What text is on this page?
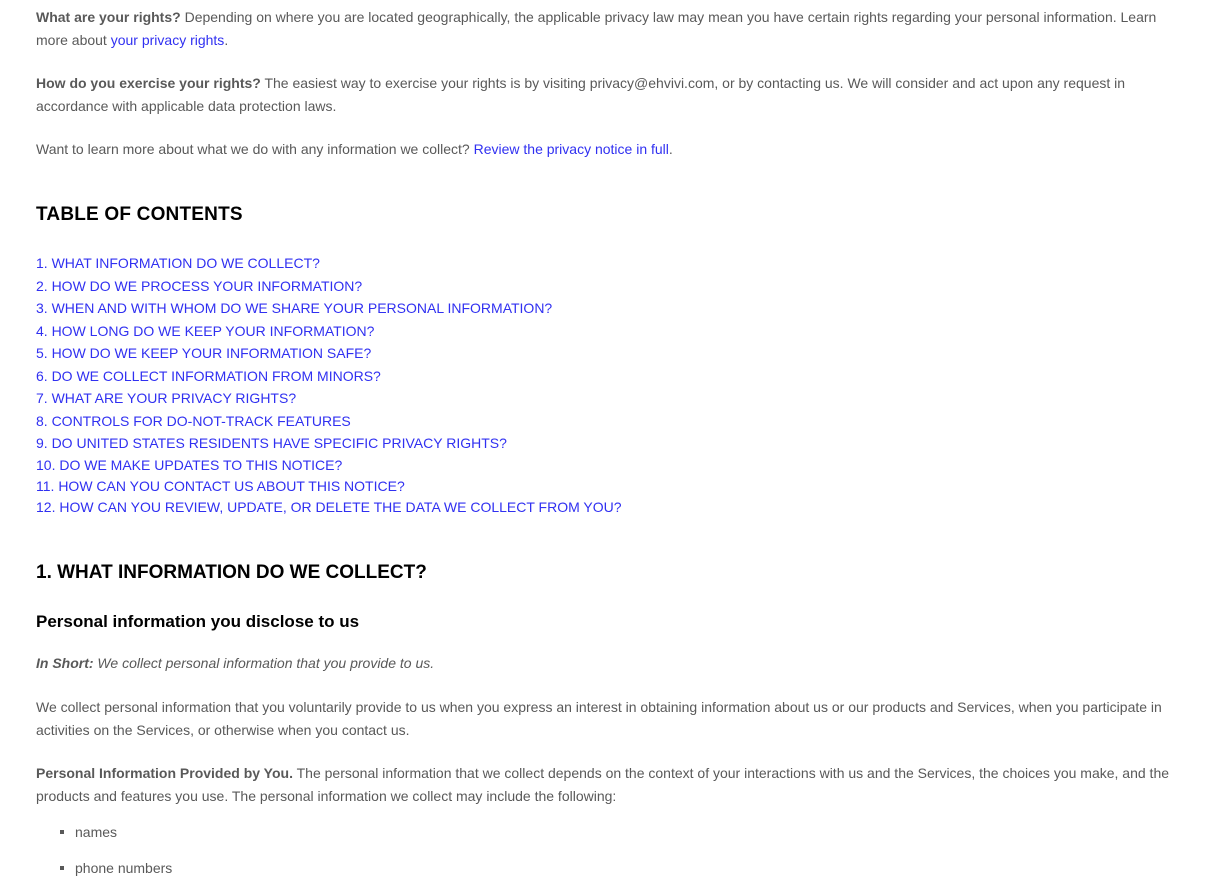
What are your rights? Depending on where you are located geographically, the applicable privacy law may mean you have certain rights regarding your personal information. Learn more about your privacy rights.

How do you exercise your rights? The easiest way to exercise your rights is by visiting privacy@ehvivi.com, or by contacting us. We will consider and act upon any request in accordance with applicable data protection laws.

Want to learn more about what we do with any information we collect? Review the privacy notice in full.

TABLE OF CONTENTS
1. WHAT INFORMATION DO WE COLLECT?
2. HOW DO WE PROCESS YOUR INFORMATION?
3. WHEN AND WITH WHOM DO WE SHARE YOUR PERSONAL INFORMATION?
4. HOW LONG DO WE KEEP YOUR INFORMATION?
5. HOW DO WE KEEP YOUR INFORMATION SAFE?
6. DO WE COLLECT INFORMATION FROM MINORS?
7. WHAT ARE YOUR PRIVACY RIGHTS?
8. CONTROLS FOR DO-NOT-TRACK FEATURES
9. DO UNITED STATES RESIDENTS HAVE SPECIFIC PRIVACY RIGHTS?
10. DO WE MAKE UPDATES TO THIS NOTICE?
11. HOW CAN YOU CONTACT US ABOUT THIS NOTICE?
12. HOW CAN YOU REVIEW, UPDATE, OR DELETE THE DATA WE COLLECT FROM YOU?
1. WHAT INFORMATION DO WE COLLECT?
Personal information you disclose to us

In Short: We collect personal information that you provide to us.

We collect personal information that you voluntarily provide to us when you express an interest in obtaining information about us or our products and Services, when you participate in activities on the Services, or otherwise when you contact us.

Personal Information Provided by You. The personal information that we collect depends on the context of your interactions with us and the Services, the choices you make, and the products and features you use. The personal information we collect may include the following:

names
phone numbers
